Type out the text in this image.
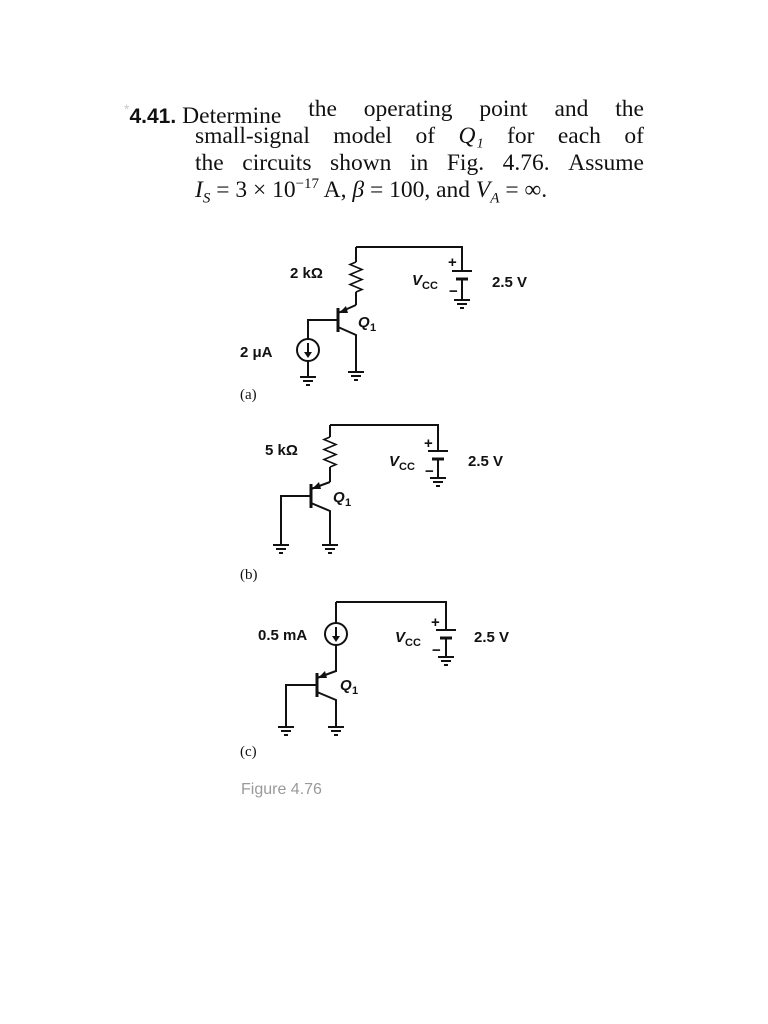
*4.41. Determine the operating point and the
small-signal model of Q₁ for each of
the circuits shown in Fig. 4.76. Assume
$I_S = 3 \times 10^{-17}$ A, β = 100, and $V_A$ = ∞.
2 kΩ
2 μA
Q 1
V CC
+
−
2.5 V
(a)
5 kΩ
Q 1
V CC
+
−
2.5 V
(b)
0.5 mA
Q 1
V CC
+
−
2.5 V
(c)
Figure 4.76
